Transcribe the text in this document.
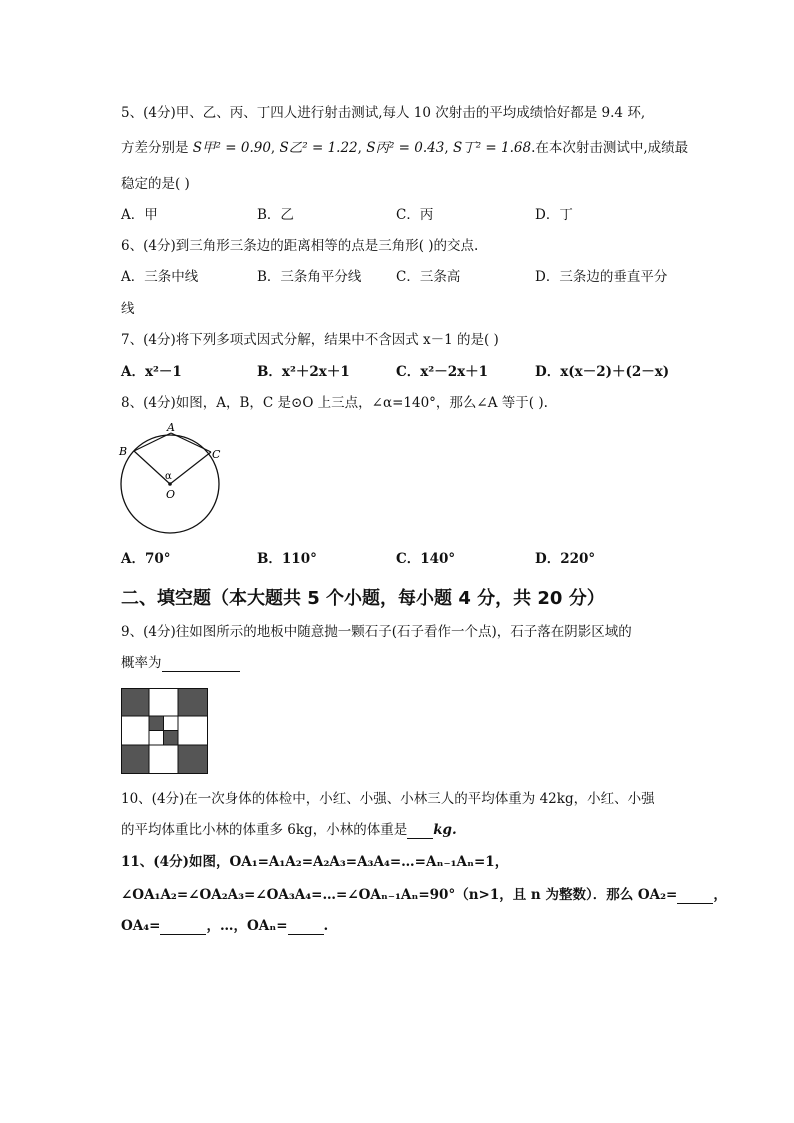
5、(4分)甲、乙、丙、丁四人进行射击测试,每人 10 次射击的平均成绩恰好都是 9.4 环,
方差分别是 S甲² = 0.90, S乙² = 1.22, S丙² = 0.43, S丁² = 1.68.在本次射击测试中,成绩最
稳定的是( )
A．甲	B．乙	C．丙	D．丁
6、(4分)到三角形三条边的距离相等的点是三角形( )的交点.
A．三条中线	B．三条角平分线	C．三条高	D．三条边的垂直平分
线
7、(4分)将下列多项式因式分解，结果中不含因式 x－1 的是( )
A．x²－1	B．x²＋2x＋1	C．x²－2x＋1	D．x(x－2)＋(2－x)
8、(4分)如图，A，B，C 是⊙O 上三点，∠α=140°，那么∠A 等于( ).
A
B	C
O
α
A．70°	B．110°	C．140°	D．220°
二、填空题（本大题共 5 个小题，每小题 4 分，共 20 分）
9、(4分)往如图所示的地板中随意抛一颗石子(石子看作一个点)，石子落在阴影区域的
概率为
10、(4分)在一次身体的体检中，小红、小强、小林三人的平均体重为 42kg，小红、小强
的平均体重比小林的体重多 6kg，小林的体重是 kg.
11、(4分)如图，OA₁=A₁A₂=A₂A₃=A₃A₄=…=Aₙ₋₁Aₙ=1，
∠OA₁A₂=∠OA₂A₃=∠OA₃A₄=…=∠OAₙ₋₁Aₙ=90°（n>1，且 n 为整数）．那么 OA₂=	，
OA₄=	，…，OAₙ=	.
